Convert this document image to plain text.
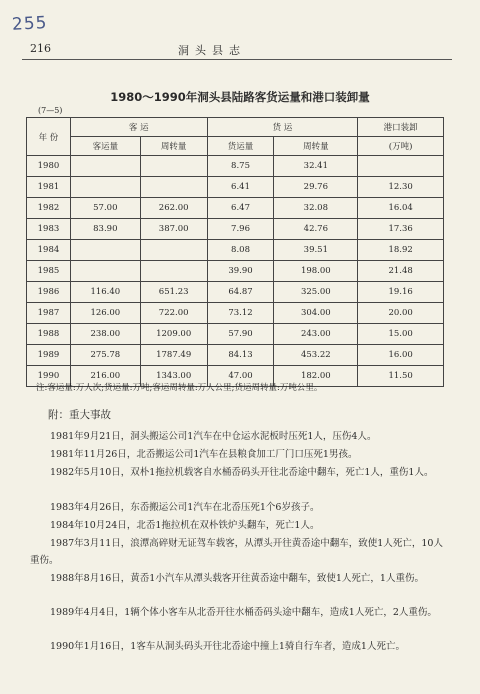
255
216	洞头县志
1980～1990年洞头县陆路客货运量和港口装卸量
(7—5)
年 份	客 运		货 运		港口装卸
	客运量	周转量	货运量	周转量	(万吨)
1980			8.75	32.41	
1981			6.41	29.76	12.30
1982	57.00	262.00	6.47	32.08	16.04
1983	83.90	387.00	7.96	42.76	17.36
1984			8.08	39.51	18.92
1985			39.90	198.00	21.48
1986	116.40	651.23	64.87	325.00	19.16
1987	126.00	722.00	73.12	304.00	20.00
1988	238.00	1209.00	57.90	243.00	15.00
1989	275.78	1787.49	84.13	453.22	16.00
1990	216.00	1343.00	47.00	182.00	11.50
注:客运量:万人次;货运量:万吨;客运周转量:万人公里;货运周转量:万吨公里。
附：重大事故

1981年9月21日，洞头搬运公司1汽车在中仓运水泥板时压死1人，压伤4人。

1981年11月26日，北岙搬运公司1汽车在县粮食加工厂门口压死1男孩。

1982年5月10日，双朴1拖拉机载客自水桶岙码头开往北岙途中翻车，死亡1人，重伤1人。

1983年4月26日，东岙搬运公司1汽车在北岙压死1个6岁孩子。

1984年10月24日，北岙1拖拉机在双朴铁炉头翻车，死亡1人。

1987年3月11日，浪潭高碎财无证驾车载客，从潭头开往黄岙途中翻车，致使1人死亡，10人重伤。

1988年8月16日，黄岙1小汽车从潭头载客开往黄岙途中翻车，致使1人死亡，1人重伤。

1989年4月4日，1辆个体小客车从北岙开往水桶岙码头途中翻车，造成1人死亡，2人重伤。

1990年1月16日，1客车从洞头码头开往北岙途中撞上1骑自行车者，造成1人死亡。
